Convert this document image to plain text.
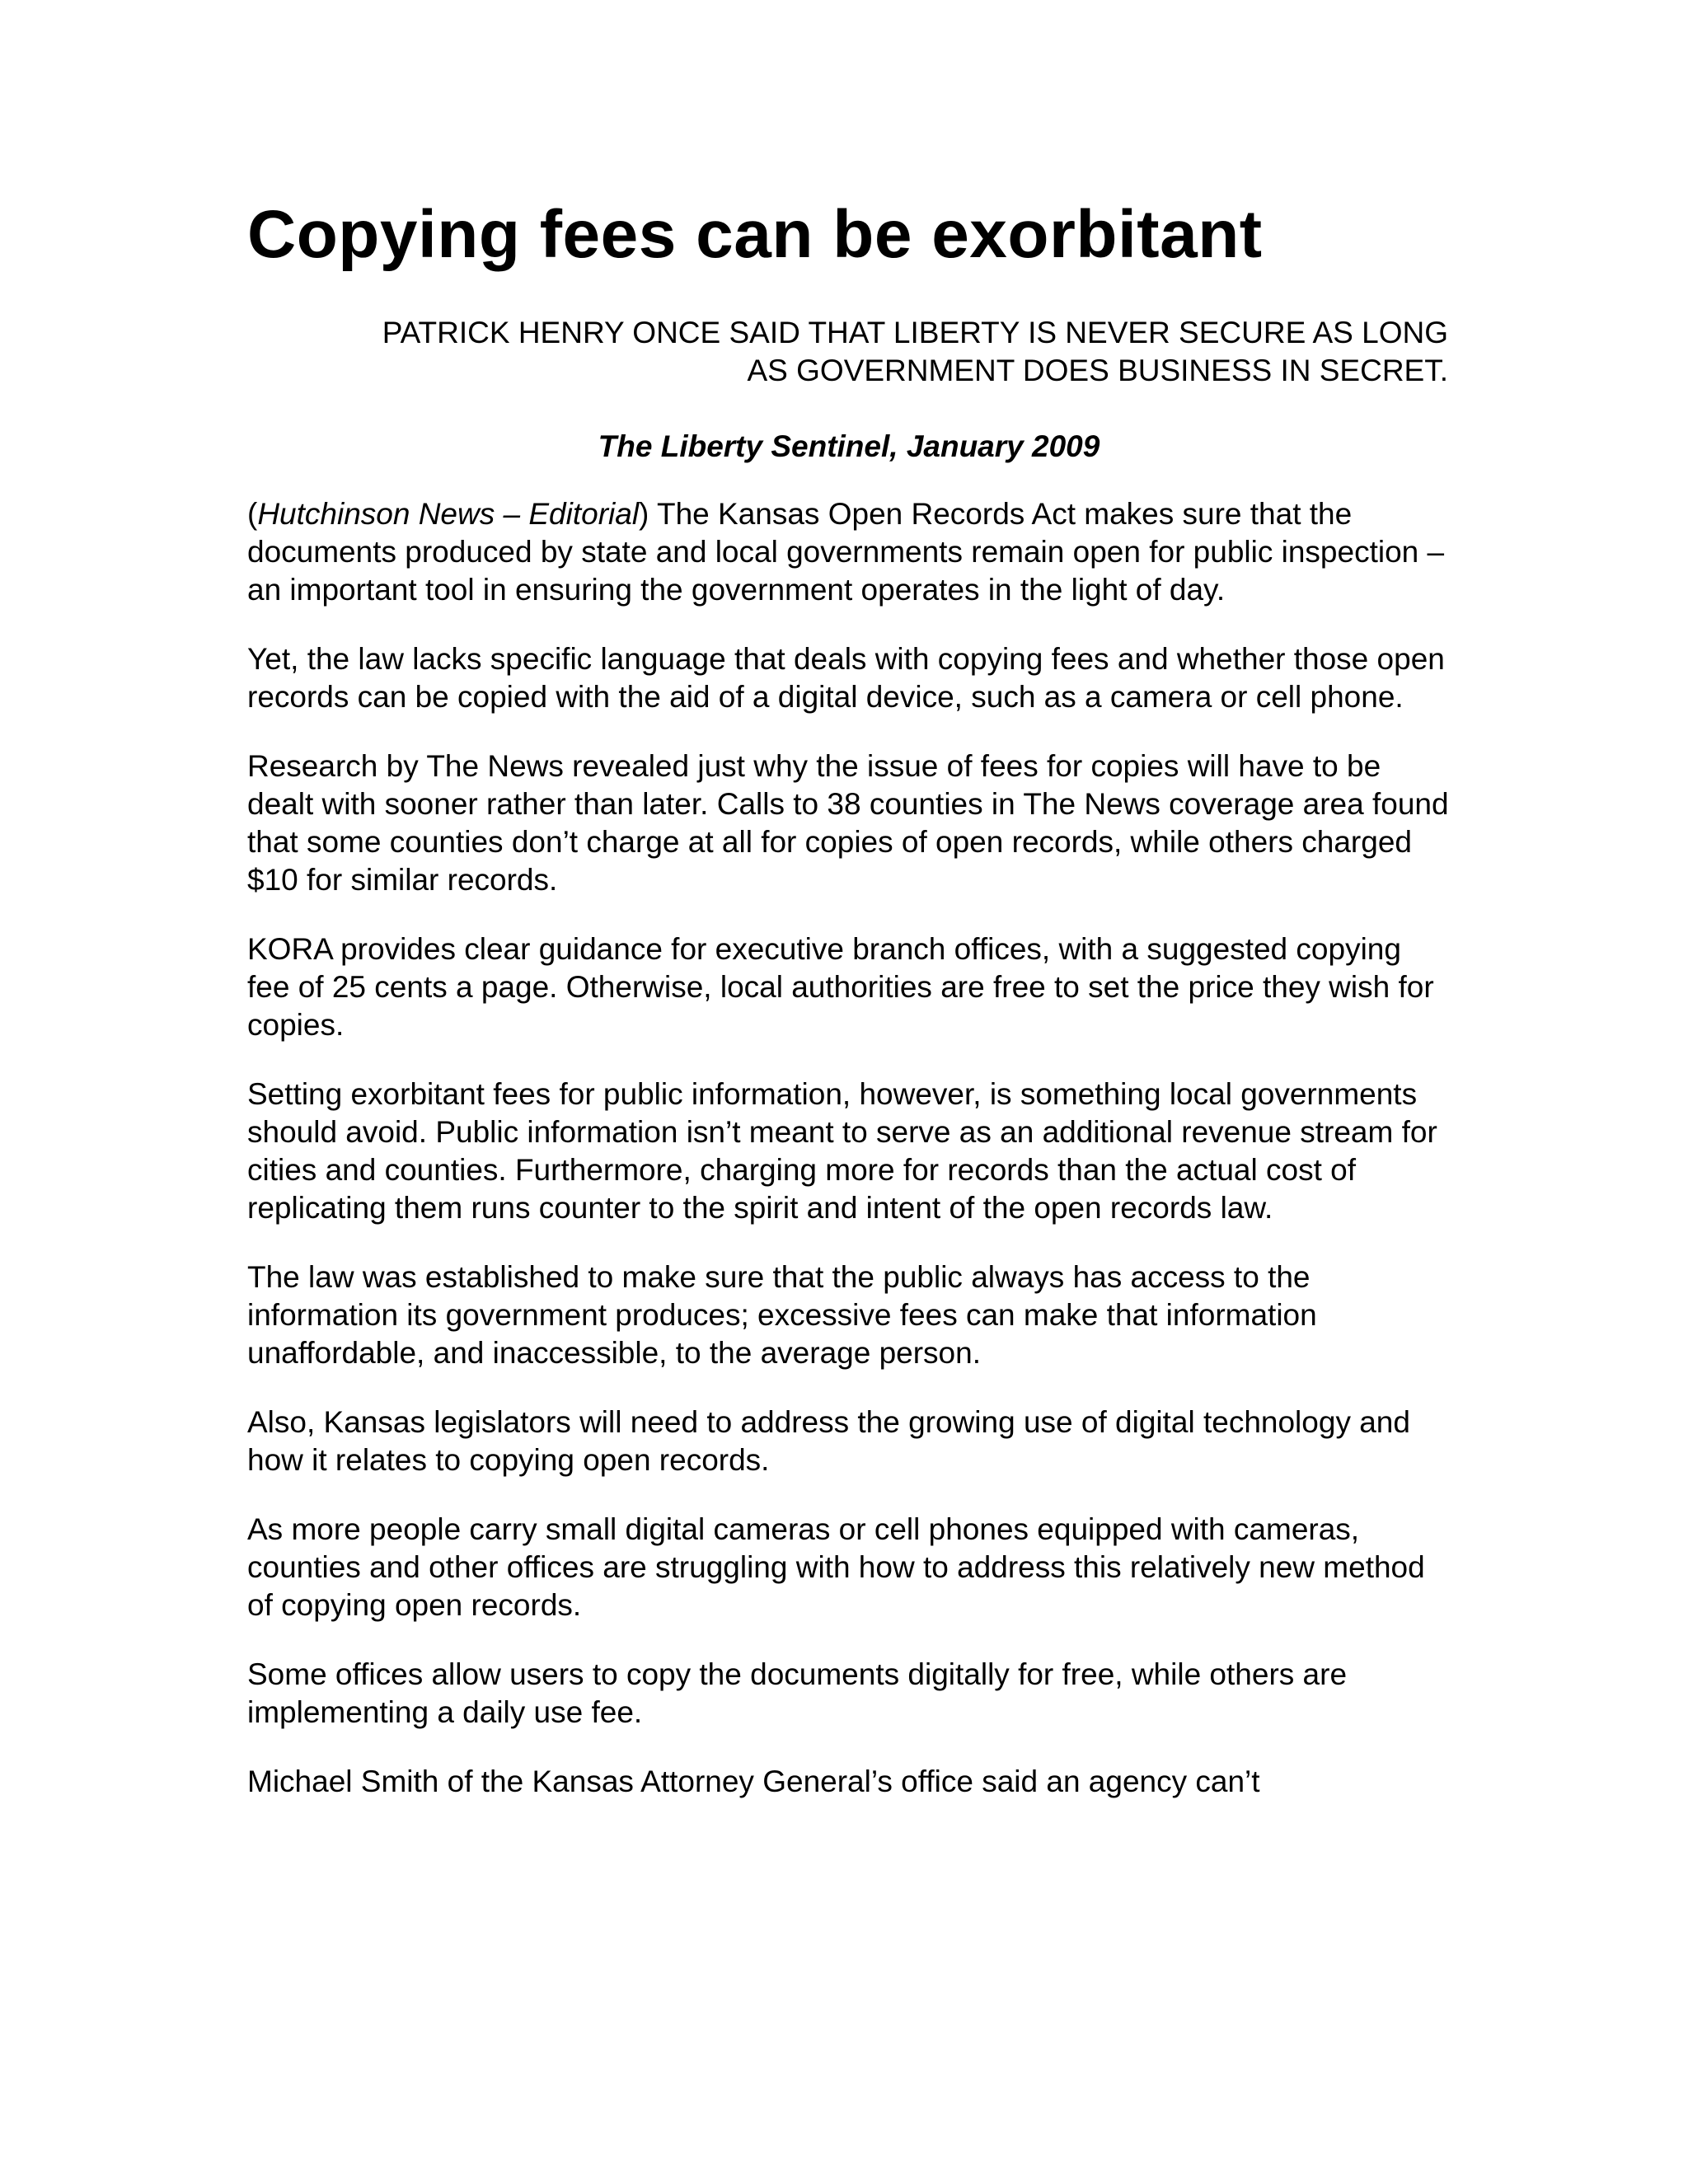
Copying fees can be exorbitant
PATRICK HENRY ONCE SAID THAT LIBERTY IS NEVER SECURE AS LONG
AS GOVERNMENT DOES BUSINESS IN SECRET.
The Liberty Sentinel, January 2009

(Hutchinson News – Editorial) The Kansas Open Records Act makes sure that the documents produced by state and local governments remain open for public inspection – an important tool in ensuring the government operates in the light of day.

Yet, the law lacks specific language that deals with copying fees and whether those open records can be copied with the aid of a digital device, such as a camera or cell phone.

Research by The News revealed just why the issue of fees for copies will have to be dealt with sooner rather than later. Calls to 38 counties in The News coverage area found that some counties don’t charge at all for copies of open records, while others charged $10 for similar records.

KORA provides clear guidance for executive branch offices, with a suggested copying fee of 25 cents a page. Otherwise, local authorities are free to set the price they wish for copies.

Setting exorbitant fees for public information, however, is something local governments should avoid. Public information isn’t meant to serve as an additional revenue stream for cities and counties. Furthermore, charging more for records than the actual cost of replicating them runs counter to the spirit and intent of the open records law.

The law was established to make sure that the public always has access to the information its government produces; excessive fees can make that information unaffordable, and inaccessible, to the average person.

Also, Kansas legislators will need to address the growing use of digital technology and how it relates to copying open records.

As more people carry small digital cameras or cell phones equipped with cameras, counties and other offices are struggling with how to address this relatively new method of copying open records.

Some offices allow users to copy the documents digitally for free, while others are implementing a daily use fee.

Michael Smith of the Kansas Attorney General’s office said an agency can’t
